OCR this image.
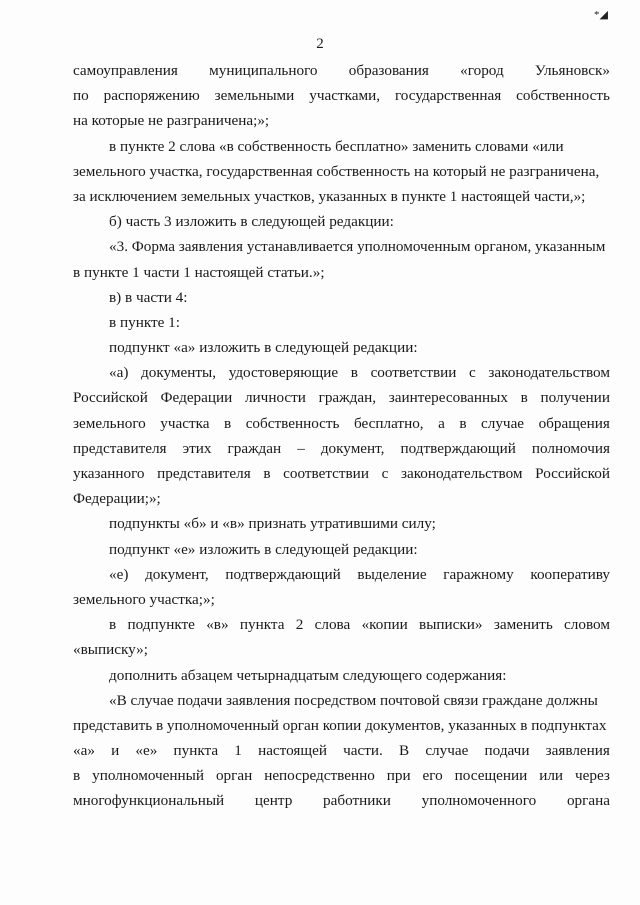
*◢
2
самоуправления муниципального образования «город Ульяновск»
по распоряжению земельными участками, государственная собственность
на которые не разграничена;»;
в пункте 2 слова «в собственность бесплатно» заменить словами «или
земельного участка, государственная собственность на который не разграничена,
за исключением земельных участков, указанных в пункте 1 настоящей части,»;
б) часть 3 изложить в следующей редакции:
«3. Форма заявления устанавливается уполномоченным органом, указанным
в пункте 1 части 1 настоящей статьи.»;
в) в части 4:
в пункте 1:
подпункт «а» изложить в следующей редакции:
«а) документы, удостоверяющие в соответствии с законодательством
Российской Федерации личности граждан, заинтересованных в получении
земельного участка в собственность бесплатно, а в случае обращения
представителя этих граждан – документ, подтверждающий полномочия
указанного представителя в соответствии с законодательством Российской
Федерации;»;
подпункты «б» и «в» признать утратившими силу;
подпункт «е» изложить в следующей редакции:
«е) документ, подтверждающий выделение гаражному кооперативу
земельного участка;»;
в подпункте «в» пункта 2 слова «копии выписки» заменить словом
«выписку»;
дополнить абзацем четырнадцатым следующего содержания:
«В случае подачи заявления посредством почтовой связи граждане должны
представить в уполномоченный орган копии документов, указанных в подпунктах
«а» и «е» пункта 1 настоящей части. В случае подачи заявления
в уполномоченный орган непосредственно при его посещении или через
многофункциональный центр работники уполномоченного органа
